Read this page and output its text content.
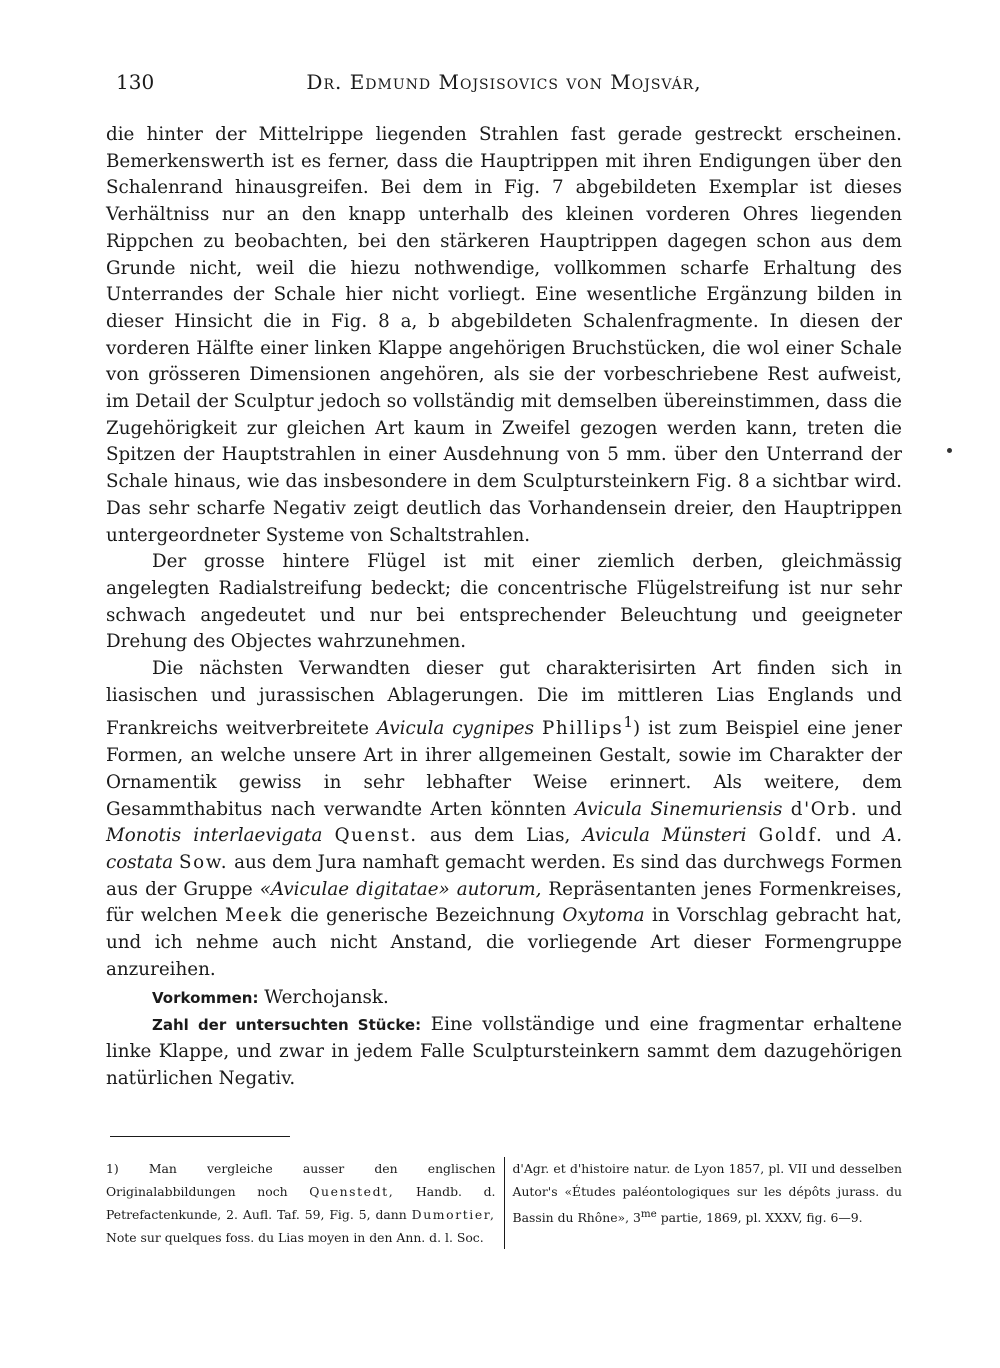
130	Dr. Edmund Mojsisovics von Mojsvár,

die hinter der Mittelrippe liegenden Strahlen fast gerade gestreckt erscheinen. Bemerkenswerth ist es ferner, dass die Hauptrippen mit ihren Endigungen über den Schalenrand hinausgreifen. Bei dem in Fig. 7 abgebildeten Exemplar ist dieses Verhältniss nur an den knapp unterhalb des kleinen vorderen Ohres liegenden Rippchen zu beobachten, bei den stärkeren Hauptrippen dagegen schon aus dem Grunde nicht, weil die hiezu nothwendige, vollkommen scharfe Erhaltung des Unterrandes der Schale hier nicht vorliegt. Eine wesentliche Ergänzung bilden in dieser Hinsicht die in Fig. 8 a, b abgebildeten Schalenfragmente. In diesen der vorderen Hälfte einer linken Klappe angehörigen Bruchstücken, die wol einer Schale von grösseren Dimensionen angehören, als sie der vorbeschriebene Rest aufweist, im Detail der Sculptur jedoch so vollständig mit demselben übereinstimmen, dass die Zugehörigkeit zur gleichen Art kaum in Zweifel gezogen werden kann, treten die Spitzen der Hauptstrahlen in einer Ausdehnung von 5 mm. über den Unterrand der Schale hinaus, wie das insbesondere in dem Sculptursteinkern Fig. 8 a sichtbar wird. Das sehr scharfe Negativ zeigt deutlich das Vorhandensein dreier, den Hauptrippen untergeordneter Systeme von Schaltstrahlen.

Der grosse hintere Flügel ist mit einer ziemlich derben, gleichmässig angelegten Radialstreifung bedeckt; die concentrische Flügelstreifung ist nur sehr schwach angedeutet und nur bei entsprechender Beleuchtung und geeigneter Drehung des Objectes wahrzunehmen.

Die nächsten Verwandten dieser gut charakterisirten Art finden sich in liasischen und jurassischen Ablagerungen. Die im mittleren Lias Englands und Frankreichs weitverbreitete Avicula cygnipes Phillips$^1$) ist zum Beispiel eine jener Formen, an welche unsere Art in ihrer allgemeinen Gestalt, sowie im Charakter der Ornamentik gewiss in sehr lebhafter Weise erinnert. Als weitere, dem Gesammthabitus nach verwandte Arten könnten Avicula Sinemuriensis d'Orb. und Monotis interlaevigata Quenst. aus dem Lias, Avicula Münsteri Goldf. und A. costata Sow. aus dem Jura namhaft gemacht werden. Es sind das durchwegs Formen aus der Gruppe «Aviculae digitatae» autorum, Repräsentanten jenes Formenkreises, für welchen Meek die generische Bezeichnung Oxytoma in Vorschlag gebracht hat, und ich nehme auch nicht Anstand, die vorliegende Art dieser Formengruppe anzureihen.

Vorkommen: Werchojansk.

Zahl der untersuchten Stücke: Eine vollständige und eine fragmentar erhaltene linke Klappe, und zwar in jedem Falle Sculptursteinkern sammt dem dazugehörigen natürlichen Negativ.

1) Man vergleiche ausser den englischen Originalabbildungen noch Quenstedt, Handb. d. Petrefactenkunde, 2. Aufl. Taf. 59, Fig. 5, dann Dumortier, Note sur quelques foss. du Lias moyen in den Ann. d. l. Soc.
d'Agr. et d'histoire natur. de Lyon 1857, pl. VII und desselben Autor's «Études paléontologiques sur les dépôts jurass. du Bassin du Rhône», $3^{me}$ partie, 1869, pl. XXXV, fig. 6—9.
